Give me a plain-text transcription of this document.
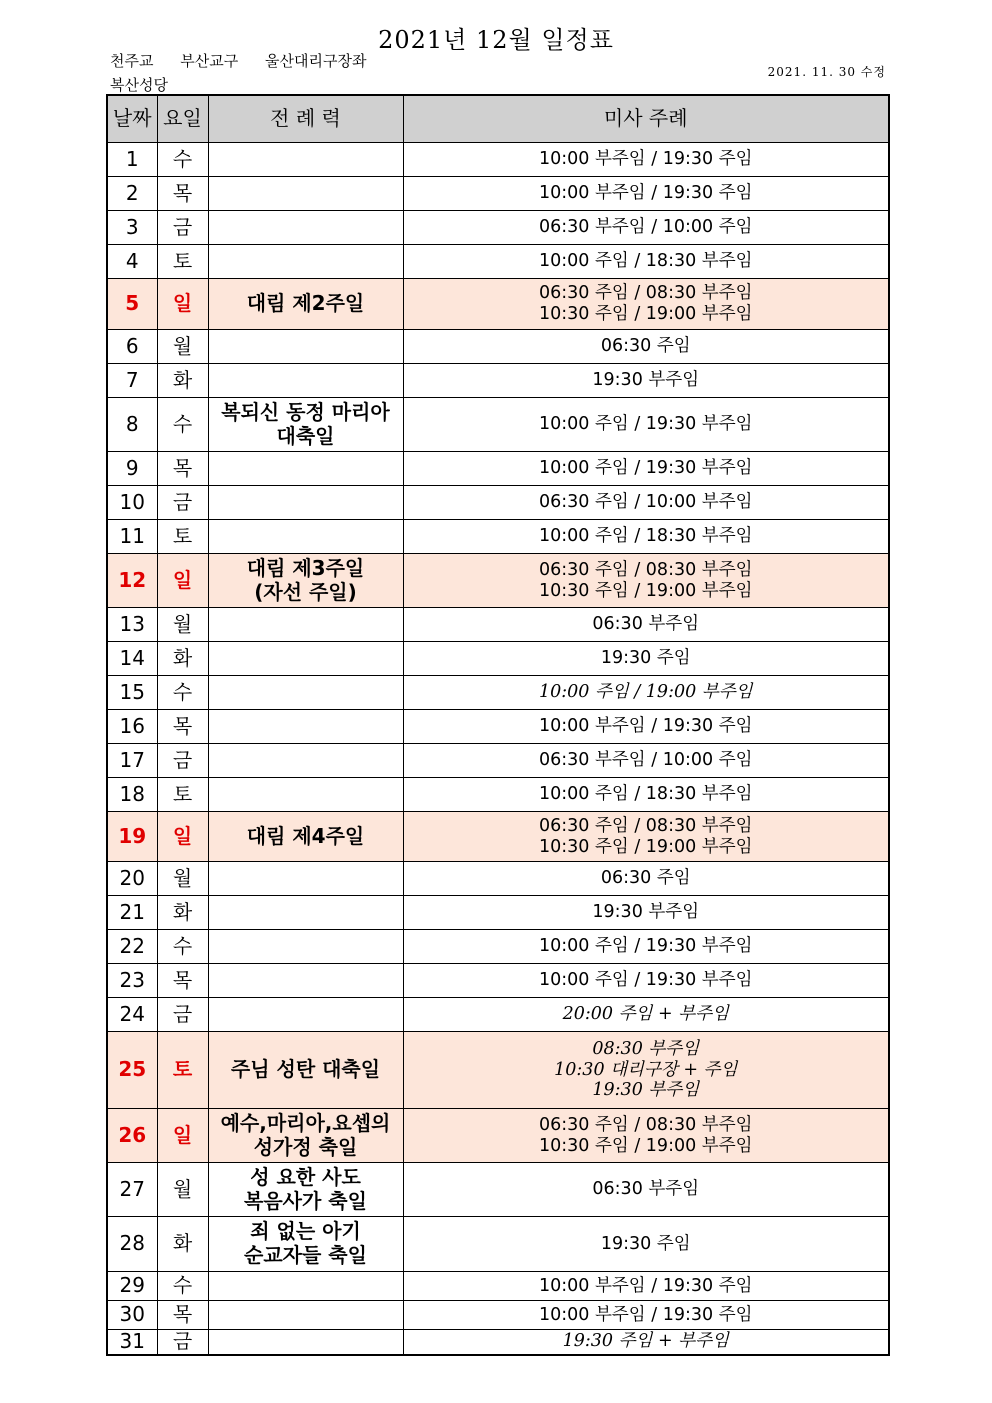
2021년 12월 일정표
천주교 부산교구 울산대리구장좌
복산성당
2021. 11. 30 수정
날짜	요일	전 례 력	미사 주례
1	수		10:00 부주임 / 19:30 주임

2	목		10:00 부주임 / 19:30 주임

3	금		06:30 부주임 / 10:00 주임

4	토		10:00 주임 / 18:30 부주임

5	일	대림 제2주일	06:30 주임 / 08:30 부주임
10:30 주임 / 19:00 부주임

6	월		06:30 주임

7	화		19:30 부주임

8	수	복되신 동정 마리아
대축일	10:00 주임 / 19:30 부주임

9	목		10:00 주임 / 19:30 부주임

10	금		06:30 주임 / 10:00 부주임

11	토		10:00 주임 / 18:30 부주임

12	일	대림 제3주일
(자선 주일)	06:30 주임 / 08:30 부주임
10:30 주임 / 19:00 부주임

13	월		06:30 부주임

14	화		19:30 주임

15	수		10:00 주임 / 19:00 부주임

16	목		10:00 부주임 / 19:30 주임

17	금		06:30 부주임 / 10:00 주임

18	토		10:00 주임 / 18:30 부주임

19	일	대림 제4주일	06:30 주임 / 08:30 부주임
10:30 주임 / 19:00 부주임

20	월		06:30 주임

21	화		19:30 부주임

22	수		10:00 주임 / 19:30 부주임

23	목		10:00 주임 / 19:30 부주임

24	금		20:00 주임 + 부주임

25	토	주님 성탄 대축일	08:30 부주임
10:30 대리구장 + 주임
19:30 부주임

26	일	예수,마리아,요셉의
성가정 축일	06:30 주임 / 08:30 부주임
10:30 주임 / 19:00 부주임

27	월	성 요한 사도
복음사가 축일	06:30 부주임

28	화	죄 없는 아기
순교자들 축일	19:30 주임

29	수		10:00 부주임 / 19:30 주임

30	목		10:00 부주임 / 19:30 주임

31	금		19:30 주임 + 부주임
